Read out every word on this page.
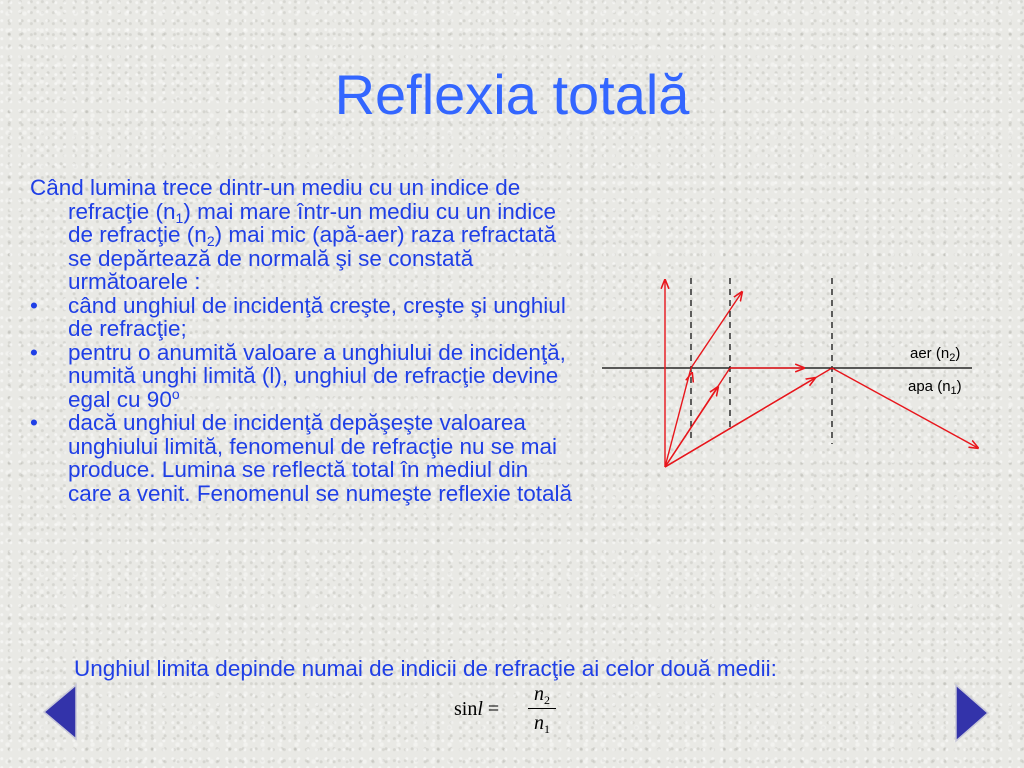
Reflexia totală

Când lumina trece dintr-un mediu cu un indice de refracţie $(n_1)$ mai mare într-un mediu cu un indice de refracţie $(n_2)$ mai mic (apă-aer) raza refractată se depărtează de normală şi se constată următoarele :

• când unghiul de incidenţă creşte, creşte şi unghiul de refracţie;
• pentru o anumită valoare a unghiului de incidenţă, numită unghi limită (l), unghiul de refracţie devine egal cu 90$^o$
• dacă unghiul de incidenţă depăşeşte valoarea unghiului limită, fenomenul de refracţie nu se mai produce. Lumina se reflectă total în mediul din care a venit. Fenomenul se numeşte reflexie totală
aer $(n_2)$
apa $(n_1)$
Unghiul limita depinde numai de indicii de refracţie ai celor două medii:
sinl =
$n_2$
$n_1$
